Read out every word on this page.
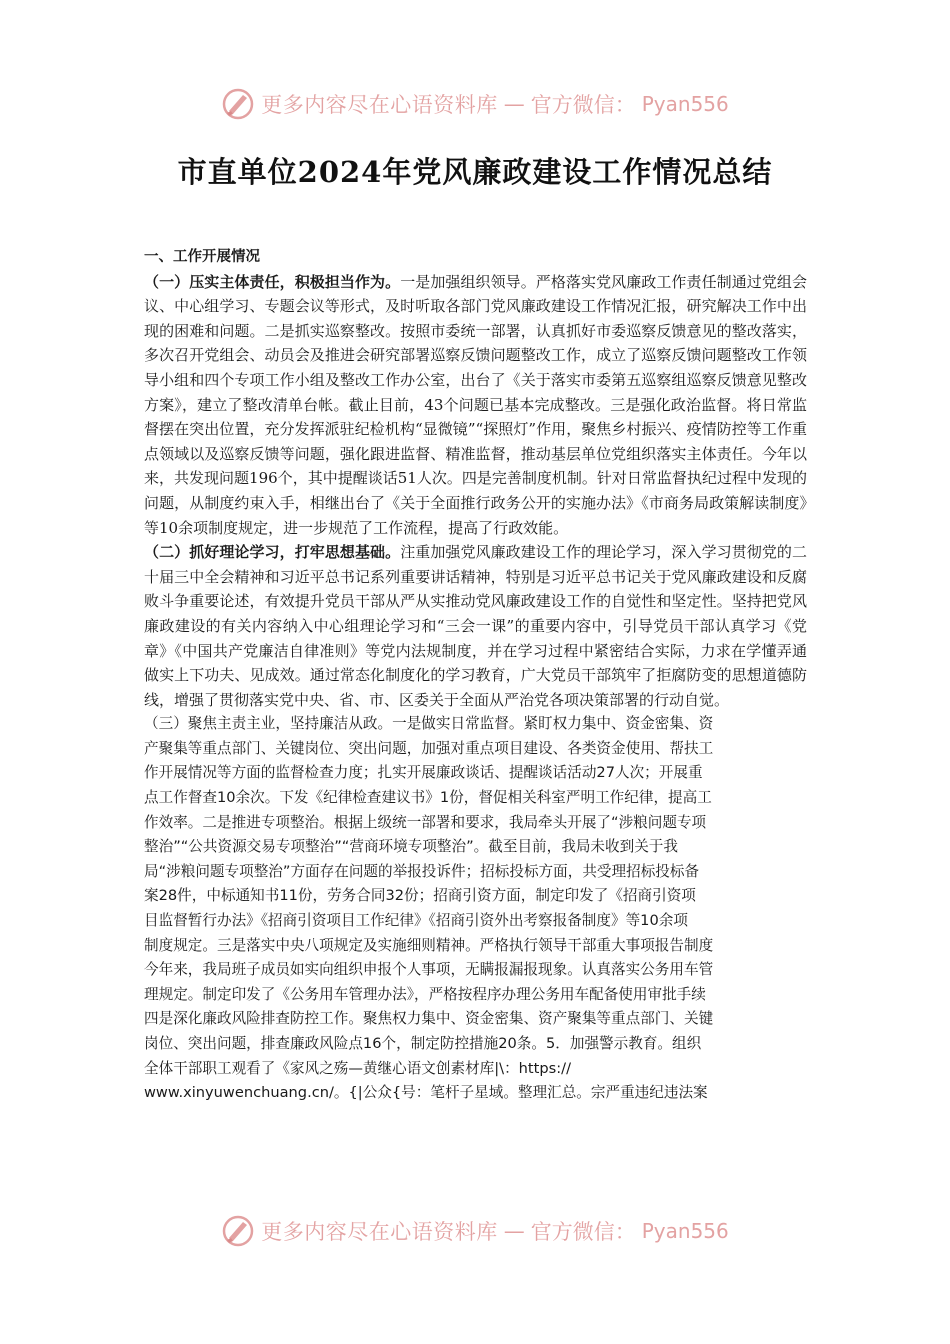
更多内容尽在心语资料库 — 官方微信： Pyan556
市直单位2024年党风廉政建设工作情况总结

一、工作开展情况

（一）压实主体责任，积极担当作为。一是加强组织领导。严格落实党风廉政工作责任制通过党组会议、中心组学习、专题会议等形式，及时听取各部门党风廉政建设工作情况汇报，研究解决工作中出现的困难和问题。二是抓实巡察整改。按照市委统一部署，认真抓好市委巡察反馈意见的整改落实，多次召开党组会、动员会及推进会研究部署巡察反馈问题整改工作，成立了巡察反馈问题整改工作领导小组和四个专项工作小组及整改工作办公室，出台了《关于落实市委第五巡察组巡察反馈意见整改方案》，建立了整改清单台帐。截止目前，43个问题已基本完成整改。三是强化政治监督。将日常监督摆在突出位置，充分发挥派驻纪检机构“显微镜”“探照灯”作用，聚焦乡村振兴、疫情防控等工作重点领域以及巡察反馈等问题，强化跟进监督、精准监督，推动基层单位党组织落实主体责任。今年以来，共发现问题196个，其中提醒谈话51人次。四是完善制度机制。针对日常监督执纪过程中发现的问题，从制度约束入手，相继出台了《关于全面推行政务公开的实施办法》《市商务局政策解读制度》等10余项制度规定，进一步规范了工作流程，提高了行政效能。

（二）抓好理论学习，打牢思想基础。注重加强党风廉政建设工作的理论学习，深入学习贯彻党的二十届三中全会精神和习近平总书记系列重要讲话精神，特别是习近平总书记关于党风廉政建设和反腐败斗争重要论述，有效提升党员干部从严从实推动党风廉政建设工作的自觉性和坚定性。坚持把党风廉政建设的有关内容纳入中心组理论学习和“三会一课”的重要内容中，引导党员干部认真学习《党章》《中国共产党廉洁自律准则》等党内法规制度，并在学习过程中紧密结合实际，力求在学懂弄通做实上下功夫、见成效。通过常态化制度化的学习教育，广大党员干部筑牢了拒腐防变的思想道德防线，增强了贯彻落实党中央、省、市、区委关于全面从严治党各项决策部署的行动自觉。

（三）聚焦主责主业，坚持廉洁从政。一是做实日常监督。紧盯权力集中、资金密集、资

产聚集等重点部门、关键岗位、突出问题，加强对重点项目建设、各类资金使用、帮扶工

作开展情况等方面的监督检查力度；扎实开展廉政谈话、提醒谈话活动27人次；开展重

点工作督查10余次。下发《纪律检查建议书》1份，督促相关科室严明工作纪律，提高工

作效率。二是推进专项整治。根据上级统一部署和要求，我局牵头开展了“涉粮问题专项

整治”“公共资源交易专项整治”“营商环境专项整治”。截至目前，我局未收到关于我

局“涉粮问题专项整治”方面存在问题的举报投诉件；招标投标方面，共受理招标投标备

案28件，中标通知书11份，劳务合同32份；招商引资方面，制定印发了《招商引资项

目监督暂行办法》《招商引资项目工作纪律》《招商引资外出考察报备制度》等10余项

制度规定。三是落实中央八项规定及实施细则精神。严格执行领导干部重大事项报告制度

今年来，我局班子成员如实向组织申报个人事项，无瞒报漏报现象。认真落实公务用车管

理规定。制定印发了《公务用车管理办法》，严格按程序办理公务用车配备使用审批手续

四是深化廉政风险排查防控工作。聚焦权力集中、资金密集、资产聚集等重点部门、关键

岗位、突出问题，排查廉政风险点16个，制定防控措施20条。5．加强警示教育。组织

全体干部职工观看了《家风之殇—黄继心语文创素材库|\：https://

www.xinyuwenchuang.cn/。{|公众{号：笔杆子星域。整理汇总。宗严重违纪违法案

更多内容尽在心语资料库 — 官方微信： Pyan556
